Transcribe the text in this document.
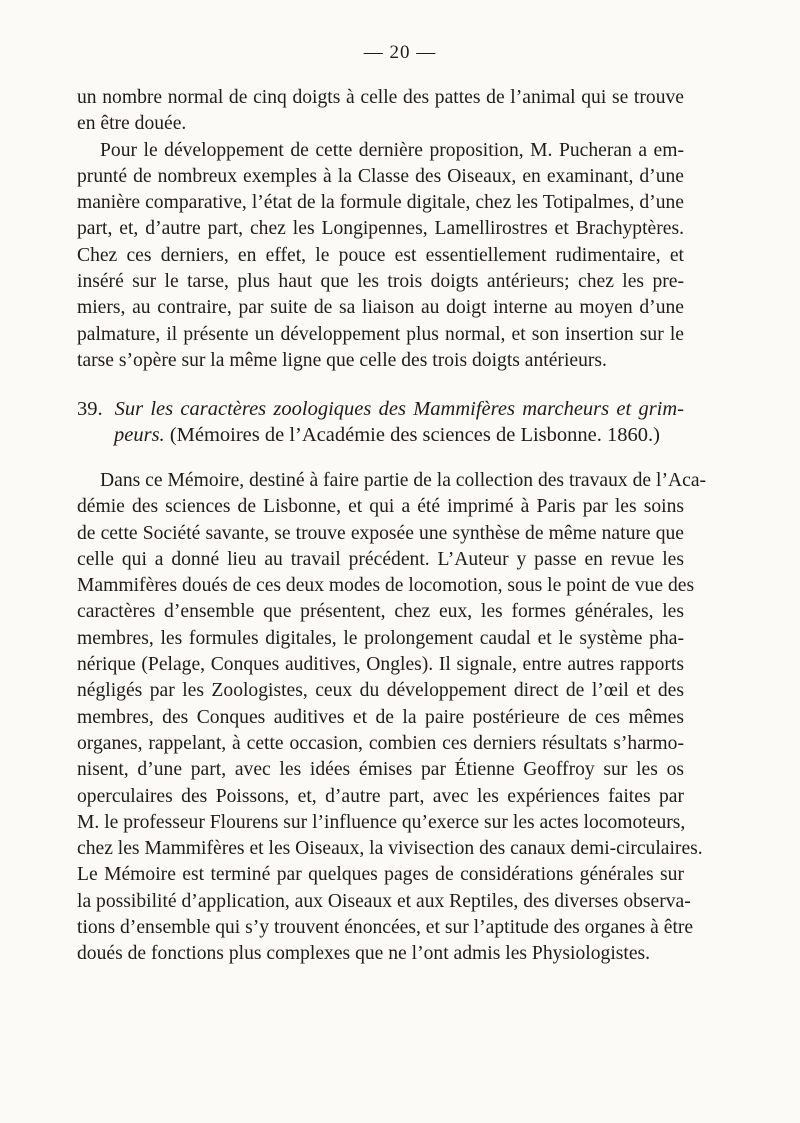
— 20 —
un nombre normal de cinq doigts à celle des pattes de l’animal qui se trouve
en être douée.
Pour le développement de cette dernière proposition, M. Pucheran a em-
prunté de nombreux exemples à la Classe des Oiseaux, en examinant, d’une
manière comparative, l’état de la formule digitale, chez les Totipalmes, d’une
part, et, d’autre part, chez les Longipennes, Lamellirostres et Brachyptères.
Chez ces derniers, en effet, le pouce est essentiellement rudimentaire, et
inséré sur le tarse, plus haut que les trois doigts antérieurs; chez les pre-
miers, au contraire, par suite de sa liaison au doigt interne au moyen d’une
palmature, il présente un développement plus normal, et son insertion sur le
tarse s’opère sur la même ligne que celle des trois doigts antérieurs.
39. Sur les caractères zoologiques des Mammifères marcheurs et grim-
peurs. (Mémoires de l’Académie des sciences de Lisbonne. 1860.)
Dans ce Mémoire, destiné à faire partie de la collection des travaux de l’Aca-
démie des sciences de Lisbonne, et qui a été imprimé à Paris par les soins
de cette Société savante, se trouve exposée une synthèse de même nature que
celle qui a donné lieu au travail précédent. L’Auteur y passe en revue les
Mammifères doués de ces deux modes de locomotion, sous le point de vue des
caractères d’ensemble que présentent, chez eux, les formes générales, les
membres, les formules digitales, le prolongement caudal et le système pha-
nérique (Pelage, Conques auditives, Ongles). Il signale, entre autres rapports
négligés par les Zoologistes, ceux du développement direct de l’œil et des
membres, des Conques auditives et de la paire postérieure de ces mêmes
organes, rappelant, à cette occasion, combien ces derniers résultats s’harmo-
nisent, d’une part, avec les idées émises par Étienne Geoffroy sur les os
operculaires des Poissons, et, d’autre part, avec les expériences faites par
M. le professeur Flourens sur l’influence qu’exerce sur les actes locomoteurs,
chez les Mammifères et les Oiseaux, la vivisection des canaux demi-circulaires.
Le Mémoire est terminé par quelques pages de considérations générales sur
la possibilité d’application, aux Oiseaux et aux Reptiles, des diverses observa-
tions d’ensemble qui s’y trouvent énoncées, et sur l’aptitude des organes à être
doués de fonctions plus complexes que ne l’ont admis les Physiologistes.
